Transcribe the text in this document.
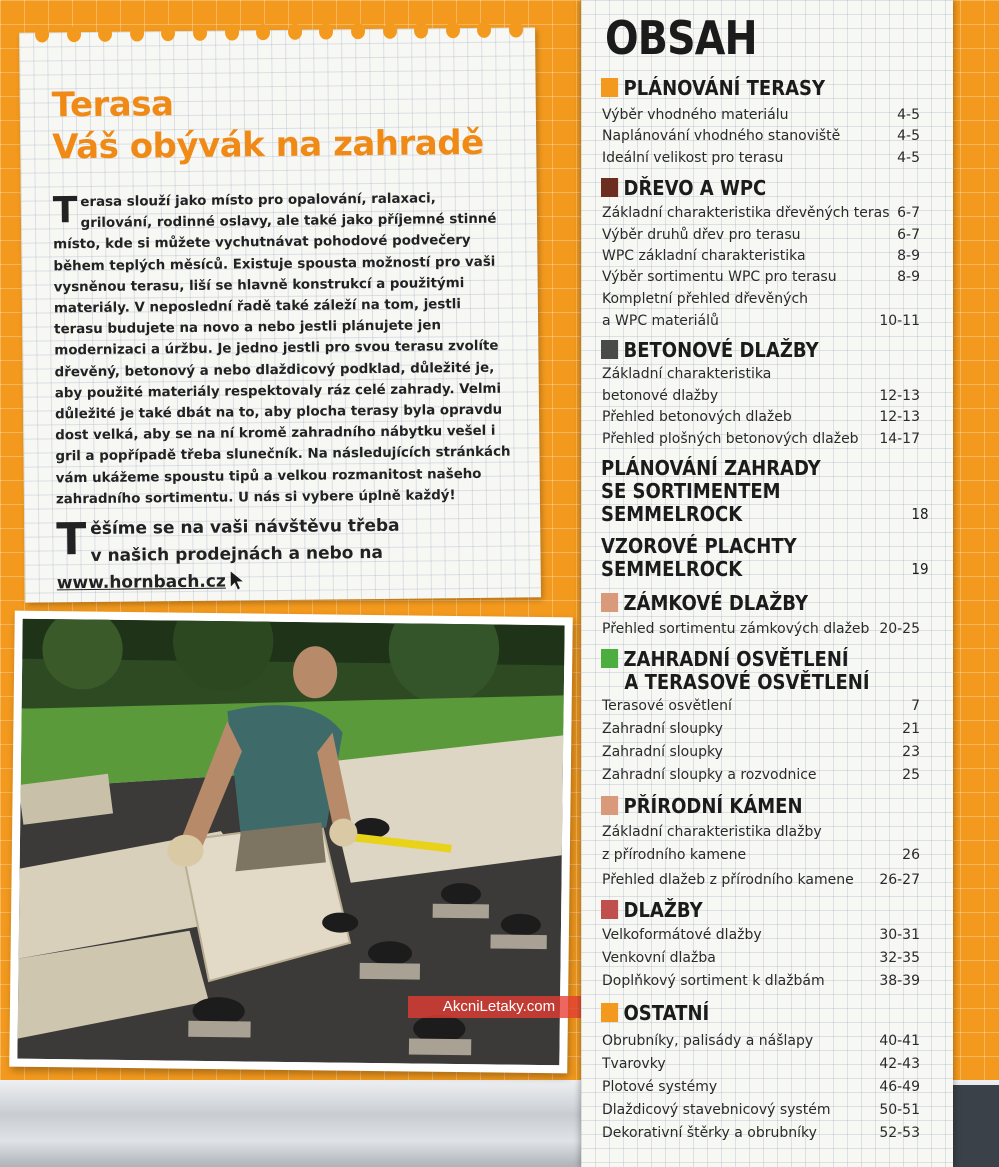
Terasa
Váš obývák na zahradě
Terasa slouží jako místo pro opalování, ralaxaci, grilování, rodinné oslavy, ale také jako příjemné stinné místo, kde si můžete vychutnávat pohodové podvečery během teplých měsíců. Existuje spousta možností pro vaši vysněnou terasu, liší se hlavně konstrukcí a použitými materiály. V neposlední řadě také záleží na tom, jestli terasu budujete na novo a nebo jestli plánujete jen modernizaci a úržbu. Je jedno jestli pro svou terasu zvolíte dřevěný, betonový a nebo dlaždicový podklad, důležité je, aby použité materiály respektovaly ráz celé zahrady. Velmi důležité je také dbát na to, aby plocha terasy byla opravdu dost velká, aby se na ní kromě zahradního nábytku vešel i gril a popřípadě třeba slunečník. Na následujících stránkách vám ukážeme spoustu tipů a velkou rozmanitost našeho zahradního sortimentu. U nás si vybere úplně každý!
T ěšíme se na vaši návštěvu třeba
v našich prodejnách a nebo na www.hornbach.cz
AkcniLetaky.com
OBSAH
PLÁNOVÁNÍ TERASY
Výběr vhodného materiálu	4-5
Naplánování vhodného stanoviště	4-5
Ideální velikost pro terasu	4-5
DŘEVO A WPC
Základní charakteristika dřevěných teras 6-7
Výběr druhů dřev pro terasu	6-7
WPC základní charakteristika	8-9
Výběr sortimentu WPC pro terasu	8-9
Kompletní přehled dřevěných
a WPC materiálů	10-11
BETONOVÉ DLAŽBY
Základní charakteristika
betonové dlažby	12-13
Přehled betonových dlažeb	12-13
Přehled plošných betonových dlažeb 14-17
PLÁNOVÁNÍ ZAHRADY
SE SORTIMENTEM
SEMMELROCK	18
VZOROVÉ PLACHTY
SEMMELROCK	19
ZÁMKOVÉ DLAŽBY
Přehled sortimentu zámkových dlažeb 20-25
ZAHRADNÍ OSVĚTLENÍ
A TERASOVÉ OSVĚTLENÍ
Terasové osvětlení	7
Zahradní sloupky	21
Zahradní sloupky	23
Zahradní sloupky a rozvodnice	25
PŘÍRODNÍ KÁMEN
Základní charakteristika dlažby
z přírodního kamene	26
Přehled dlažeb z přírodního kamene 26-27
DLAŽBY
Velkoformátové dlažby	30-31
Venkovní dlažba	32-35
Doplňkový sortiment k dlažbám	38-39
OSTATNÍ
Obrubníky, palisády a nášlapy	40-41
Tvarovky	42-43
Plotové systémy	46-49
Dlaždicový stavebnicový systém	50-51
Dekorativní štěrky a obrubníky	52-53
